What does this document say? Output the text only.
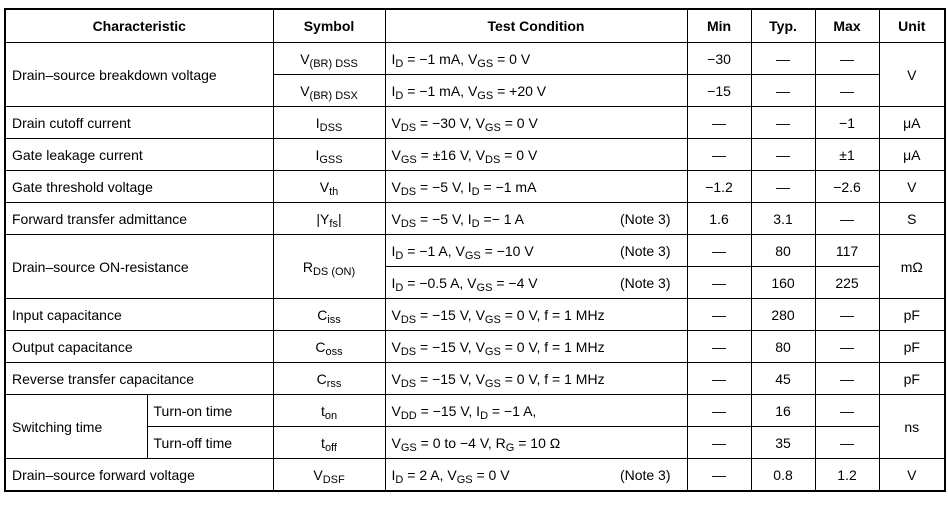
Characteristic		Symbol	Test Condition	Min	Typ.	Max	Unit
Drain–source breakdown voltage		$V_{(BR) DSS}$	$I_D = -1$ mA, $V_{GS} = 0$ V	−30	—	—	V
		$V_{(BR) DSX}$	$I_D = -1$ mA, $V_{GS} = +20$ V	−15	—	—	
Drain cutoff current		$I_{DSS}$	$V_{DS} = -30$ V, $V_{GS} = 0$ V	—	—	−1	μA
Gate leakage current		$I_{GSS}$	$V_{GS} = \pm 16$ V, $V_{DS} = 0$ V	—	—	±1	μA
Gate threshold voltage		$V_{th}$	$V_{DS} = -5$ V, $I_D = -1$ mA	−1.2	—	−2.6	V
Forward transfer admittance		$|Y_{fs}|$	$V_{DS} = -5$ V, $I_D =- 1$ A (Note 3)	1.6	3.1	—	S
Drain–source ON-resistance		$R_{DS (ON)}$	$I_D = -1$ A, $V_{GS} = -10$ V (Note 3)	—	80	117	mΩ
			$I_D = -0.5$ A, $V_{GS} = -4$ V (Note 3)	—	160	225	
Input capacitance		$C_{iss}$	$V_{DS} = -15$ V, $V_{GS} = 0$ V, f = 1 MHz	—	280	—	pF
Output capacitance		$C_{oss}$	$V_{DS} = -15$ V, $V_{GS} = 0$ V, f = 1 MHz	—	80	—	pF
Reverse transfer capacitance		$C_{rss}$	$V_{DS} = -15$ V, $V_{GS} = 0$ V, f = 1 MHz	—	45	—	pF
Switching time	Turn-on time	$t_{on}$	$V_{DD} = -15$ V, $I_D = -1$ A,	—	16	—	ns
	Turn-off time	$t_{off}$	$V_{GS} = 0$ to −4 V, $R_G = 10$ Ω	—	35	—	
Drain–source forward voltage		$V_{DSF}$	$I_D = 2$ A, $V_{GS} = 0$ V (Note 3)	—	0.8	1.2	V
